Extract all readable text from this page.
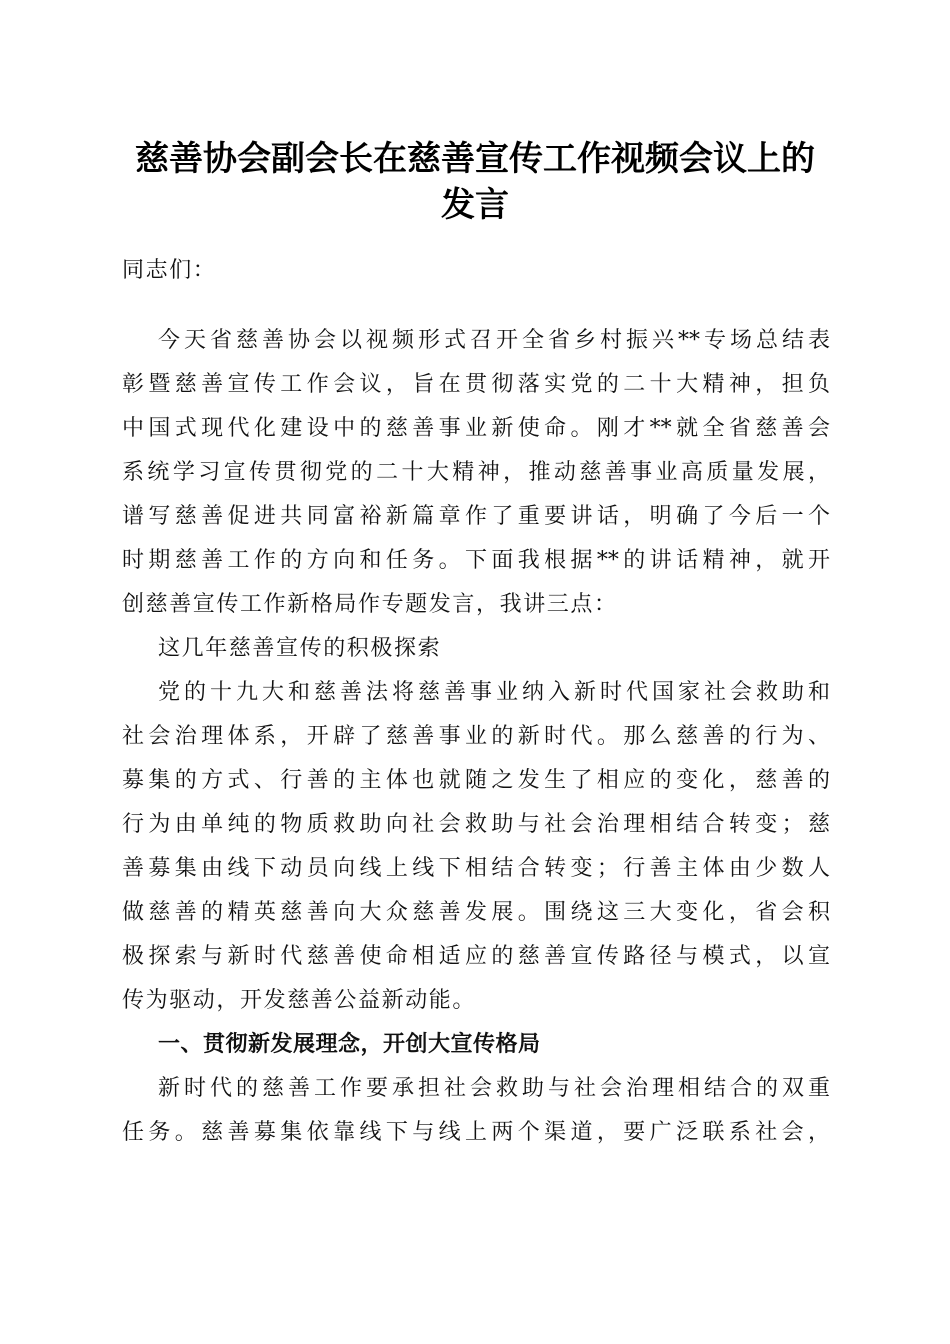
慈善协会副会长在慈善宣传工作视频会议上的
发言
同志们：
今天省慈善协会以视频形式召开全省乡村振兴**专场总结表
彰暨慈善宣传工作会议，旨在贯彻落实党的二十大精神，担负
中国式现代化建设中的慈善事业新使命。刚才**就全省慈善会
系统学习宣传贯彻党的二十大精神，推动慈善事业高质量发展，
谱写慈善促进共同富裕新篇章作了重要讲话，明确了今后一个
时期慈善工作的方向和任务。下面我根据**的讲话精神，就开
创慈善宣传工作新格局作专题发言，我讲三点：
这几年慈善宣传的积极探索
党的十九大和慈善法将慈善事业纳入新时代国家社会救助和
社会治理体系，开辟了慈善事业的新时代。那么慈善的行为、
募集的方式、行善的主体也就随之发生了相应的变化，慈善的
行为由单纯的物质救助向社会救助与社会治理相结合转变；慈
善募集由线下动员向线上线下相结合转变；行善主体由少数人
做慈善的精英慈善向大众慈善发展。围绕这三大变化，省会积
极探索与新时代慈善使命相适应的慈善宣传路径与模式，以宣
传为驱动，开发慈善公益新动能。
一、贯彻新发展理念，开创大宣传格局
新时代的慈善工作要承担社会救助与社会治理相结合的双重
任务。慈善募集依靠线下与线上两个渠道，要广泛联系社会，
